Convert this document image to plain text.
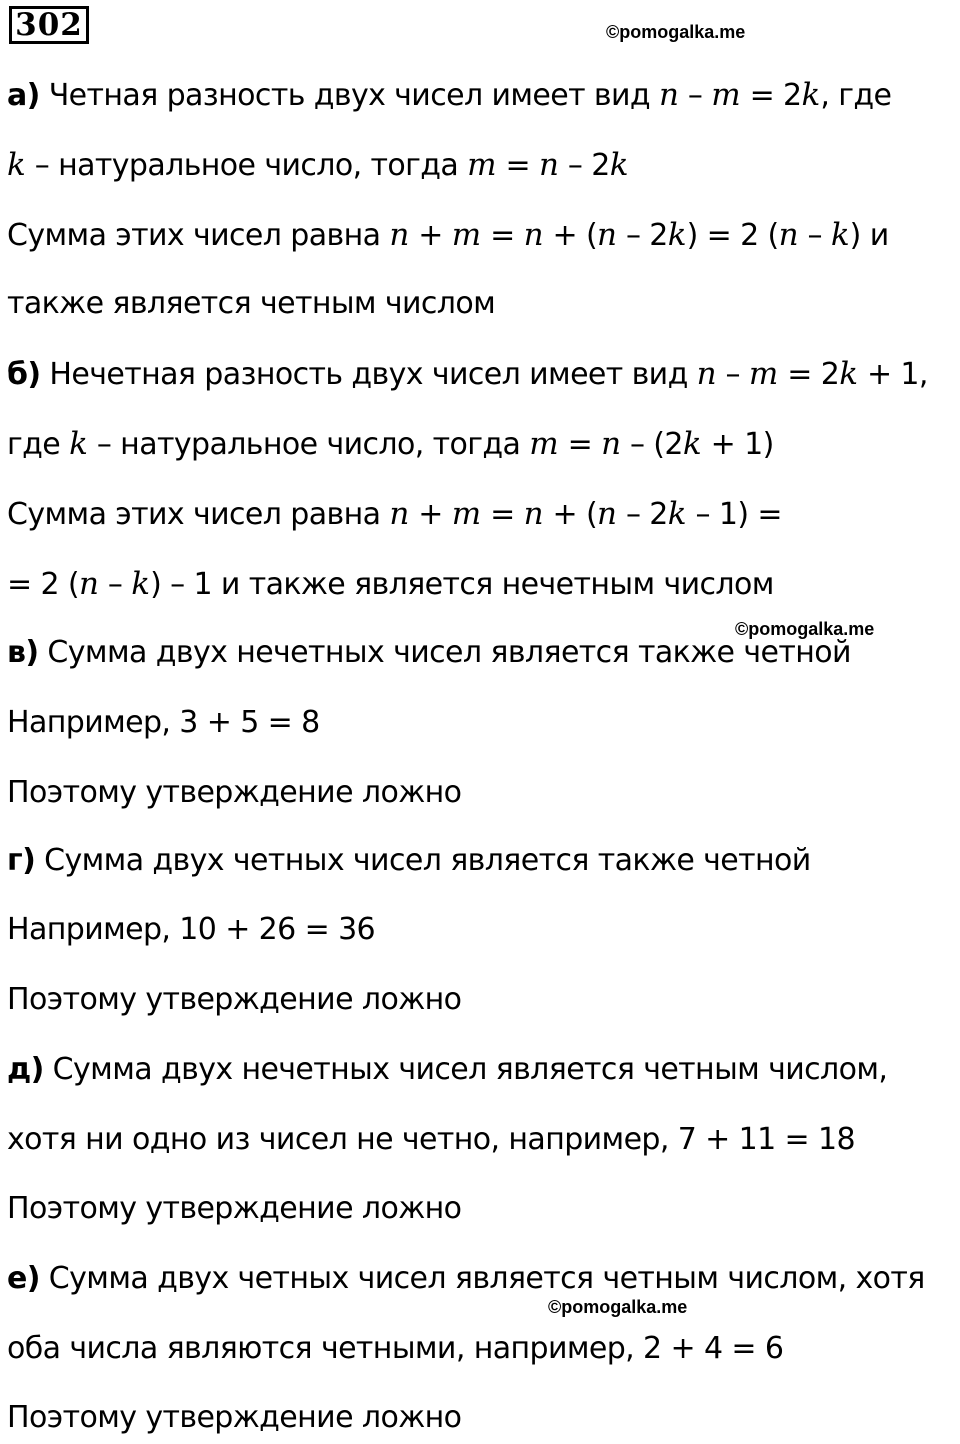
302	©pomogalka.me
©pomogalka.me
©pomogalka.me
а) Четная разность двух чисел имеет вид n – m = 2k, где
k – натуральное число, тогда m = n – 2k
Сумма этих чисел равна n + m = n + (n – 2k) = 2 (n – k) и
также является четным числом
б) Нечетная разность двух чисел имеет вид n – m = 2k + 1,
где k – натуральное число, тогда m = n – (2k + 1)
Сумма этих чисел равна n + m = n + (n – 2k – 1) =
= 2 (n – k) – 1 и также является нечетным числом
в) Сумма двух нечетных чисел является также четной
Например, 3 + 5 = 8
Поэтому утверждение ложно
г) Сумма двух четных чисел является также четной
Например, 10 + 26 = 36
Поэтому утверждение ложно
д) Сумма двух нечетных чисел является четным числом,
хотя ни одно из чисел не четно, например, 7 + 11 = 18
Поэтому утверждение ложно
е) Сумма двух четных чисел является четным числом, хотя
оба числа являются четными, например, 2 + 4 = 6
Поэтому утверждение ложно
